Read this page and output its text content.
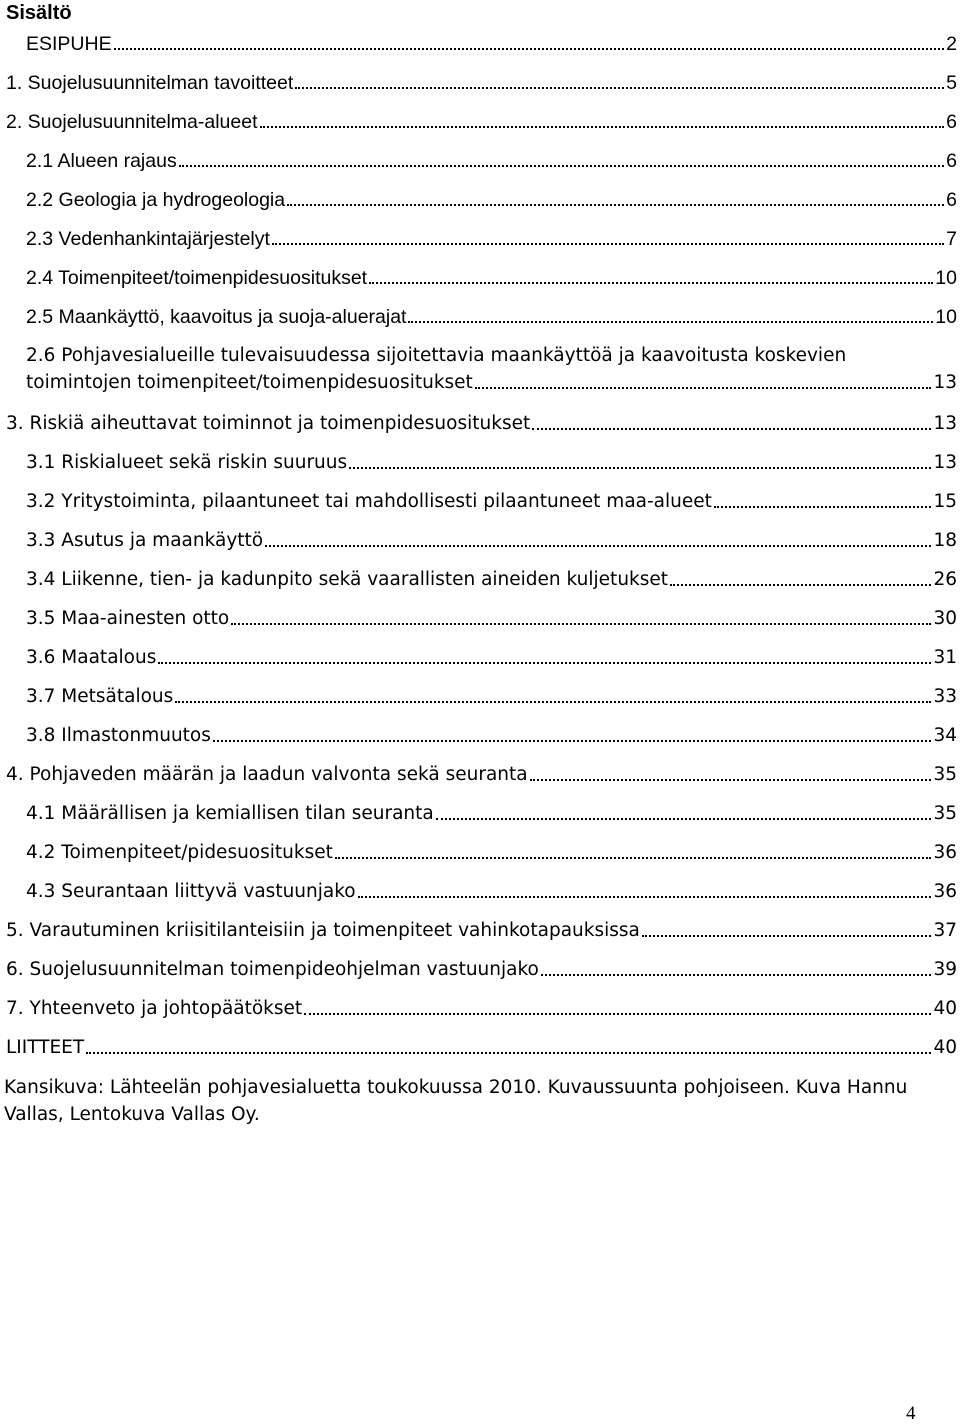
Sisältö
ESIPUHE	2
1. Suojelusuunnitelman tavoitteet	5
2. Suojelusuunnitelma-alueet	6
2.1 Alueen rajaus	6
2.2 Geologia ja hydrogeologia	6
2.3 Vedenhankintajärjestelyt	7
2.4 Toimenpiteet/toimenpidesuositukset	10
2.5 Maankäyttö, kaavoitus ja suoja-aluerajat	10
2.6 Pohjavesialueille tulevaisuudessa sijoitettavia maankäyttöä ja kaavoitusta koskevien
toimintojen toimenpiteet/toimenpidesuositukset	13
3. Riskiä aiheuttavat toiminnot ja toimenpidesuositukset	13
3.1 Riskialueet sekä riskin suuruus	13
3.2 Yritystoiminta, pilaantuneet tai mahdollisesti pilaantuneet maa-alueet	15
3.3 Asutus ja maankäyttö	18
3.4 Liikenne, tien- ja kadunpito sekä vaarallisten aineiden kuljetukset	26
3.5 Maa-ainesten otto	30
3.6 Maatalous	31
3.7 Metsätalous	33
3.8 Ilmastonmuutos	34
4. Pohjaveden määrän ja laadun valvonta sekä seuranta	35
4.1 Määrällisen ja kemiallisen tilan seuranta	35
4.2 Toimenpiteet/pidesuositukset	36
4.3 Seurantaan liittyvä vastuunjako	36
5. Varautuminen kriisitilanteisiin ja toimenpiteet vahinkotapauksissa	37
6. Suojelusuunnitelman toimenpideohjelman vastuunjako	39
7. Yhteenveto ja johtopäätökset	40
LIITTEET	40
Kansikuva: Lähteelän pohjavesialuetta toukokuussa 2010. Kuvaussuunta pohjoiseen. Kuva Hannu Vallas, Lentokuva Vallas Oy.
4
